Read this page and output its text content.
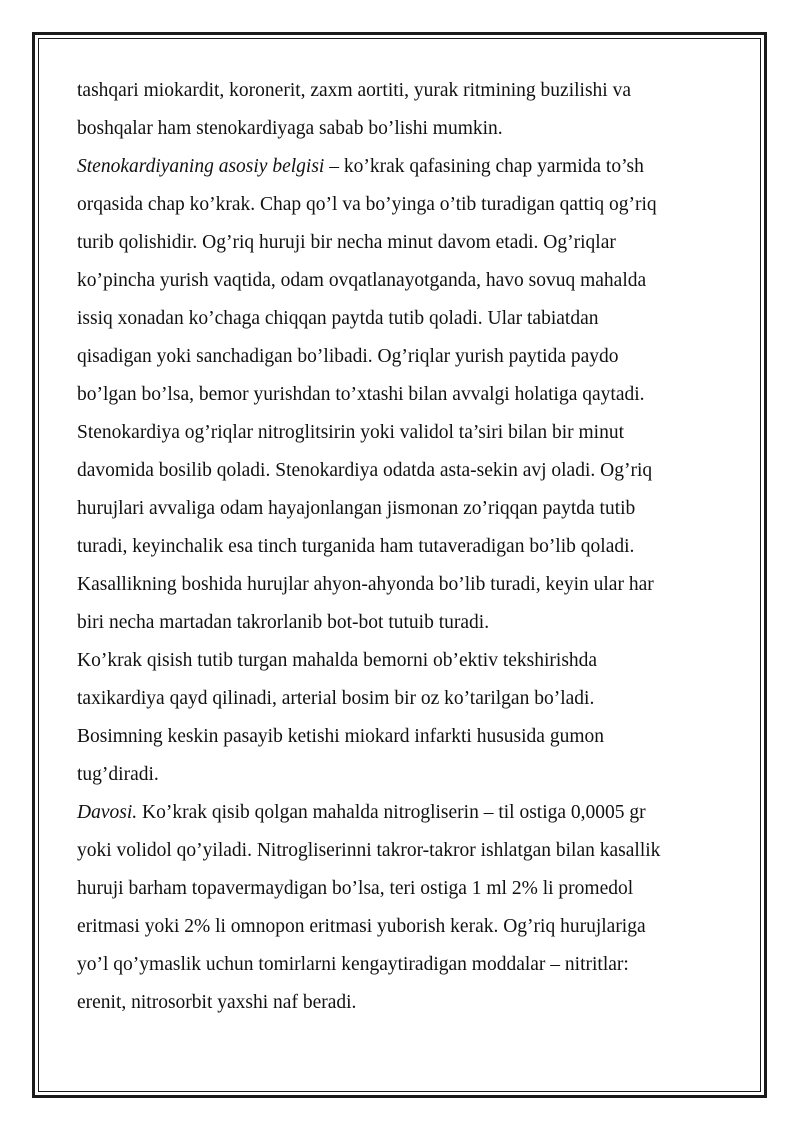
tashqari miokardit, koronerit, zaxm aortiti, yurak ritmining buzilishi va
boshqalar ham stenokardiyaga sabab bo’lishi mumkin.
Stenokardiyaning asosiy belgisi – ko’krak qafasining chap yarmida to’sh
orqasida chap ko’krak. Chap qo’l va bo’yinga o’tib turadigan qattiq og’riq
turib qolishidir. Og’riq huruji bir necha minut davom etadi. Og’riqlar
ko’pincha yurish vaqtida, odam ovqatlanayotganda, havo sovuq mahalda
issiq xonadan ko’chaga chiqqan paytda tutib qoladi. Ular tabiatdan
qisadigan yoki sanchadigan bo’libadi. Og’riqlar yurish paytida paydo
bo’lgan bo’lsa, bemor yurishdan to’xtashi bilan avvalgi holatiga qaytadi.
Stenokardiya og’riqlar nitroglitsirin yoki validol ta’siri bilan bir minut
davomida bosilib qoladi. Stenokardiya odatda asta-sekin avj oladi. Og’riq
hurujlari avvaliga odam hayajonlangan jismonan zo’riqqan paytda tutib
turadi, keyinchalik esa tinch turganida ham tutaveradigan bo’lib qoladi.
Kasallikning boshida hurujlar ahyon-ahyonda bo’lib turadi, keyin ular har
biri necha martadan takrorlanib bot-bot tutuib turadi.
Ko’krak qisish tutib turgan mahalda bemorni ob’ektiv tekshirishda
taxikardiya qayd qilinadi, arterial bosim bir oz ko’tarilgan bo’ladi.
Bosimning keskin pasayib ketishi miokard infarkti hususida gumon
tug’diradi.
Davosi. Ko’krak qisib qolgan mahalda nitrogliserin – til ostiga 0,0005 gr
yoki volidol qo’yiladi. Nitrogliserinni takror-takror ishlatgan bilan kasallik
huruji barham topavermaydigan bo’lsa, teri ostiga 1 ml 2% li promedol
eritmasi yoki 2% li omnopon eritmasi yuborish kerak. Og’riq hurujlariga
yo’l qo’ymaslik uchun tomirlarni kengaytiradigan moddalar – nitritlar:
erenit, nitrosorbit yaxshi naf beradi.
